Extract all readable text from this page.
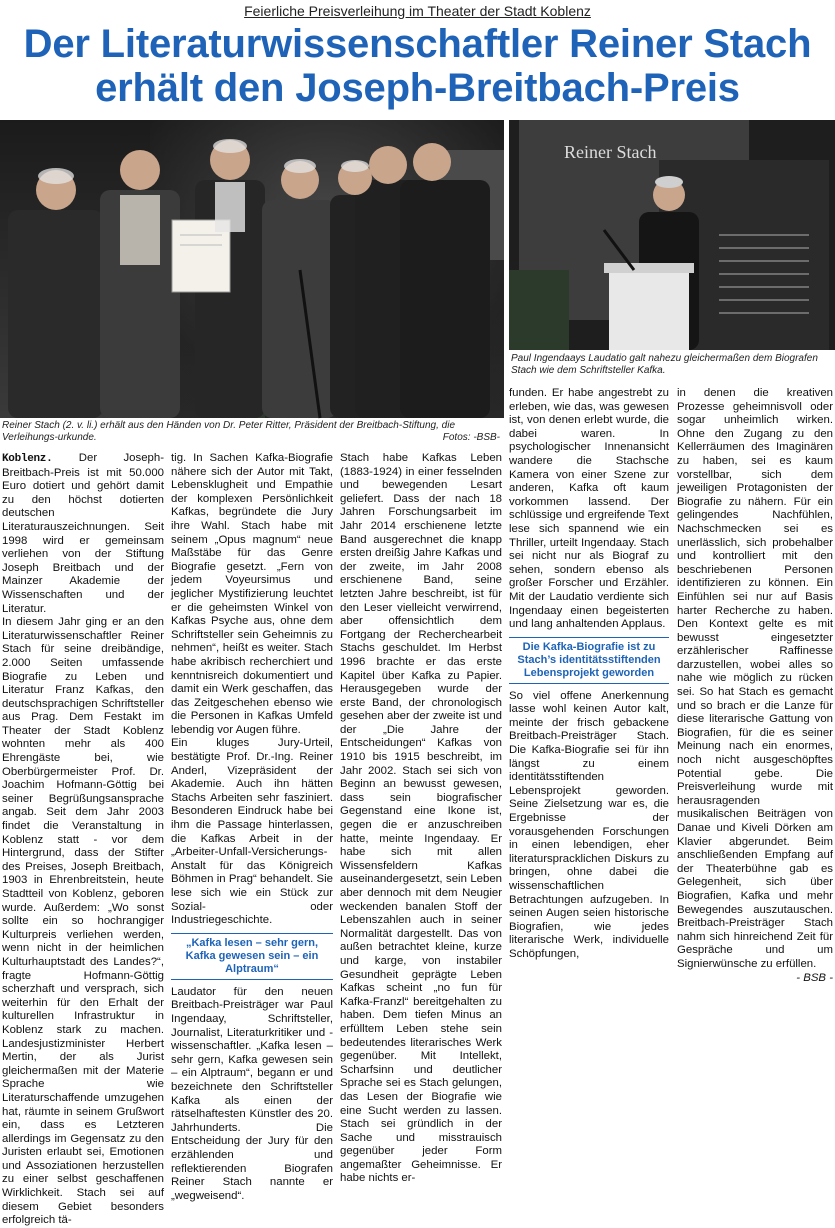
Feierliche Preisverleihung im Theater der Stadt Koblenz
Der Literaturwissenschaftler Reiner Stach
erhält den Joseph-Breitbach-Preis
Reiner Stach (2. v. li.) erhält aus den Händen von Dr. Peter Ritter, Präsident der Breitbach-Stiftung, die Verleihungs-urkunde.	Fotos: -BSB-
Reiner Stach
Paul Ingendaays Laudatio galt nahezu gleichermaßen dem Biografen Stach wie dem Schriftsteller Kafka.

Koblenz. Der Joseph-Breitbach-Preis ist mit 50.000 Euro dotiert und gehört damit zu den höchst dotierten deutschen Literaturauszeichnungen. Seit 1998 wird er gemeinsam verliehen von der Stiftung Joseph Breitbach und der Mainzer Akademie der Wissenschaften und der Literatur.

In diesem Jahr ging er an den Literaturwissenschaftler Reiner Stach für seine dreibändige, 2.000 Seiten umfassende Biografie zu Leben und Literatur Franz Kafkas, den deutschsprachigen Schriftsteller aus Prag. Dem Festakt im Theater der Stadt Koblenz wohnten mehr als 400 Ehrengäste bei, wie Oberbürgermeister Prof. Dr. Joachim Hofmann-Göttig bei seiner Begrüßungsansprache angab. Seit dem Jahr 2003 findet die Veranstaltung in Koblenz statt - vor dem Hintergrund, dass der Stifter des Preises, Joseph Breitbach, 1903 in Ehrenbreitstein, heute Stadtteil von Koblenz, geboren wurde. Außerdem: „Wo sonst sollte ein so hochrangiger Kulturpreis verliehen werden, wenn nicht in der heimlichen Kulturhauptstadt des Landes?“, fragte Hofmann-Göttig scherzhaft und versprach, sich weiterhin für den Erhalt der kulturellen Infrastruktur in Koblenz stark zu machen. Landesjustizminister Herbert Mertin, der als Jurist gleichermaßen mit der Materie Sprache wie Literaturschaffende umzugehen hat, räumte in seinem Grußwort ein, dass es Letzteren allerdings im Gegensatz zu den Juristen erlaubt sei, Emotionen und Assoziationen herzustellen zu einer selbst geschaffenen Wirklichkeit. Stach sei auf diesem Gebiet besonders erfolgreich tä-

tig. In Sachen Kafka-Biografie nähere sich der Autor mit Takt, Lebensklugheit und Empathie der komplexen Persönlichkeit Kafkas, begründete die Jury ihre Wahl. Stach habe mit seinem „Opus magnum“ neue Maßstäbe für das Genre Biografie gesetzt. „Fern von jedem Voyeursimus und jeglicher Mystifizierung leuchtet er die geheimsten Winkel von Kafkas Psyche aus, ohne dem Schriftsteller sein Geheimnis zu nehmen“, heißt es weiter. Stach habe akribisch recherchiert und kenntnisreich dokumentiert und damit ein Werk geschaffen, das das Zeitgeschehen ebenso wie die Personen in Kafkas Umfeld lebendig vor Augen führe.

Ein kluges Jury-Urteil, bestätigte Prof. Dr.-Ing. Reiner Anderl, Vizepräsident der Akademie. Auch ihn hätten Stachs Arbeiten sehr fasziniert. Besonderen Eindruck habe bei ihm die Passage hinterlassen, die Kafkas Arbeit in der „Arbeiter-Unfall-Versicherungs-Anstalt für das Königreich Böhmen in Prag“ behandelt. Sie lese sich wie ein Stück zur Sozial- oder Industriegeschichte.

„Kafka lesen – sehr gern, Kafka gewesen sein – ein Alptraum“

Laudator für den neuen Breitbach-Preisträger war Paul Ingendaay, Schriftsteller, Journalist, Literaturkritiker und -wissenschaftler. „Kafka lesen – sehr gern, Kafka gewesen sein – ein Alptraum“, begann er und bezeichnete den Schriftsteller Kafka als einen der rätselhaftesten Künstler des 20. Jahrhunderts. Die Entscheidung der Jury für den erzählenden und reflektierenden Biografen Reiner Stach nannte er „wegweisend“.

Stach habe Kafkas Leben (1883-1924) in einer fesselnden und bewegenden Lesart geliefert. Dass der nach 18 Jahren Forschungsarbeit im Jahr 2014 erschienene letzte Band ausgerechnet die knapp ersten dreißig Jahre Kafkas und der zweite, im Jahr 2008 erschienene Band, seine letzten Jahre beschreibt, ist für den Leser vielleicht verwirrend, aber offensichtlich dem Fortgang der Recherchearbeit Stachs geschuldet. Im Herbst 1996 brachte er das erste Kapitel über Kafka zu Papier. Herausgegeben wurde der erste Band, der chronologisch gesehen aber der zweite ist und der „Die Jahre der Entscheidungen“ Kafkas von 1910 bis 1915 beschreibt, im Jahr 2002. Stach sei sich von Beginn an bewusst gewesen, dass sein biografischer Gegenstand eine Ikone ist, gegen die er anzuschreiben hatte, meinte Ingendaay. Er habe sich mit allen Wissensfeldern Kafkas auseinandergesetzt, sein Leben aber dennoch mit dem Neugier weckenden banalen Stoff der Lebenszahlen auch in seiner Normalität dargestellt. Das von außen betrachtet kleine, kurze und karge, von instabiler Gesundheit geprägte Leben Kafkas scheint „no fun für Kafka-Franzl“ bereitgehalten zu haben. Dem tiefen Minus an erfülltem Leben stehe sein bedeutendes literarisches Werk gegenüber. Mit Intellekt, Scharfsinn und deutlicher Sprache sei es Stach gelungen, das Lesen der Biografie wie eine Sucht werden zu lassen. Stach sei gründlich in der Sache und misstrauisch gegenüber jeder Form angemaßter Geheimnisse. Er habe nichts er-

funden. Er habe angestrebt zu erleben, wie das, was gewesen ist, von denen erlebt wurde, die dabei waren. In psychologischer Innenansicht wandere die Stachsche Kamera von einer Szene zur anderen, Kafka oft kaum vorkommen lassend. Der schlüssige und ergreifende Text lese sich spannend wie ein Thriller, urteilt Ingendaay. Stach sei nicht nur als Biograf zu sehen, sondern ebenso als großer Forscher und Erzähler. Mit der Laudatio verdiente sich Ingendaay einen begeisterten und lang anhaltenden Applaus.

Die Kafka-Biografie ist zu Stach’s identitätsstiftenden Lebensprojekt geworden

So viel offene Anerkennung lasse wohl keinen Autor kalt, meinte der frisch gebackene Breitbach-Preisträger Stach. Die Kafka-Biografie sei für ihn längst zu einem identitätsstiftenden Lebensprojekt geworden. Seine Zielsetzung war es, die Ergebnisse der vorausgehenden Forschungen in einen lebendigen, eher literaturspracklichen Diskurs zu bringen, ohne dabei die wissenschaftlichen Betrachtungen aufzugeben. In seinen Augen seien historische Biografien, wie jedes literarische Werk, individuelle Schöpfungen,

in denen die kreativen Prozesse geheimnisvoll oder sogar unheimlich wirken. Ohne den Zugang zu den Kellerräumen des Imaginären zu haben, sei es kaum vorstellbar, sich dem jeweiligen Protagonisten der Biografie zu nähern. Für ein gelingendes Nachfühlen, Nachschmecken sei es unerlässlich, sich probehalber und kontrolliert mit den beschriebenen Personen identifizieren zu können. Ein Einfühlen sei nur auf Basis harter Recherche zu haben. Den Kontext gelte es mit bewusst eingesetzter erzählerischer Raffinesse darzustellen, wobei alles so nahe wie möglich zu rücken sei. So hat Stach es gemacht und so brach er die Lanze für diese literarische Gattung von Biografien, für die es seiner Meinung nach ein enormes, noch nicht ausgeschöpftes Potential gebe. Die Preisverleihung wurde mit herausragenden musikalischen Beiträgen von Danae und Kiveli Dörken am Klavier abgerundet. Beim anschließenden Empfang auf der Theaterbühne gab es Gelegenheit, sich über Biografien, Kafka und mehr Bewegendes auszutauschen. Breitbach-Preisträger Stach nahm sich hinreichend Zeit für Gespräche und um Signierwünsche zu erfüllen.

- BSB -
